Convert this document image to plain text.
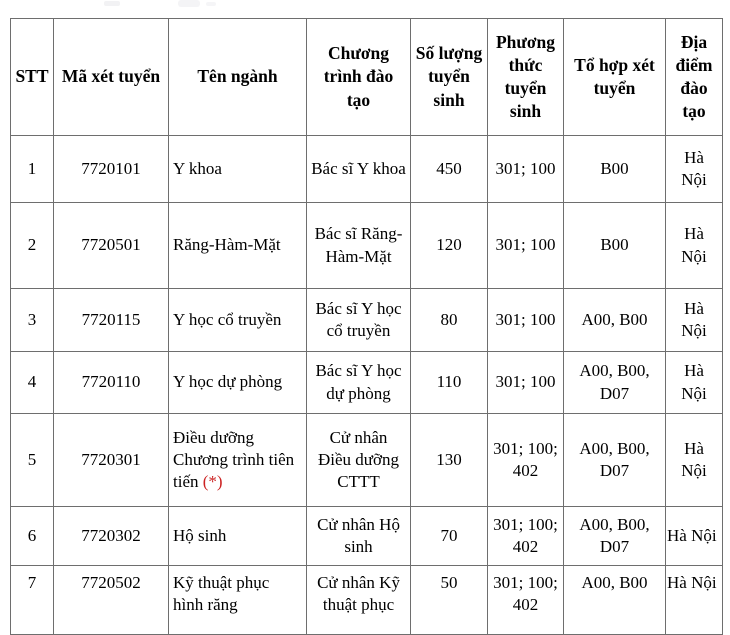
STT	Mã xét tuyển	Tên ngành	Chương trình đào tạo	Số lượng tuyển sinh	Phương thức tuyển sinh	Tổ hợp xét tuyển	Địa điểm đào tạo
1	7720101	Y khoa	Bác sĩ Y khoa	450	301; 100	B00	Hà Nội
2	7720501	Răng-Hàm-Mặt	Bác sĩ Răng-Hàm-Mặt	120	301; 100	B00	Hà Nội
3	7720115	Y học cổ truyền	Bác sĩ Y học cổ truyền	80	301; 100	A00, B00	Hà Nội
4	7720110	Y học dự phòng	Bác sĩ Y học dự phòng	110	301; 100	A00, B00, D07	Hà Nội
5	7720301	Điều dưỡng Chương trình tiên tiến (*)	Cử nhân Điều dưỡng CTTT	130	301; 100; 402	A00, B00, D07	Hà Nội
6	7720302	Hộ sinh	Cử nhân Hộ sinh	70	301; 100; 402	A00, B00, D07	Hà Nội
7	7720502	Kỹ thuật phục hình răng	Cử nhân Kỹ thuật phục	50	301; 100; 402	A00, B00	Hà Nội
